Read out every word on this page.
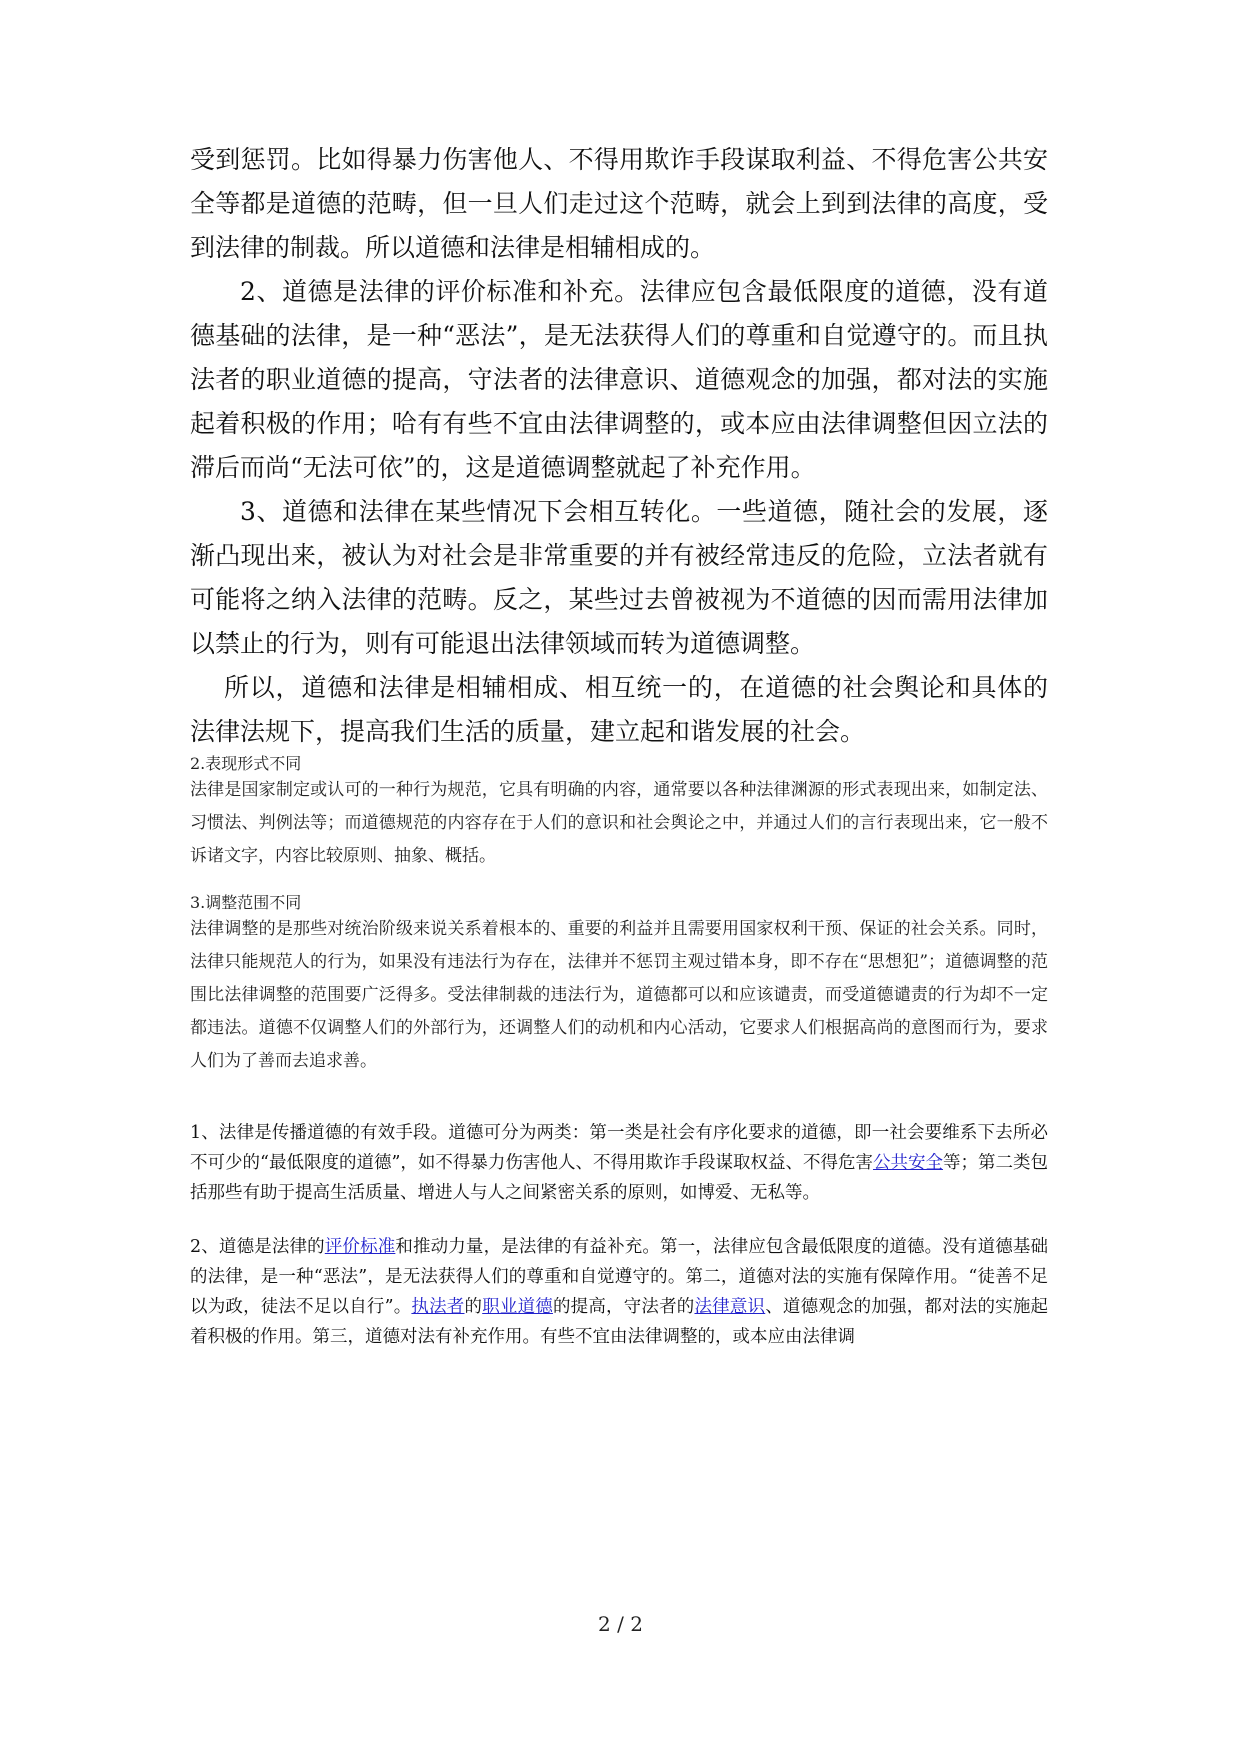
受到惩罚。比如得暴力伤害他人、不得用欺诈手段谋取利益、不得危害公共安全等都是道德的范畴，但一旦人们走过这个范畴，就会上到到法律的高度，受到法律的制裁。所以道德和法律是相辅相成的。

2、道德是法律的评价标准和补充。法律应包含最低限度的道德，没有道德基础的法律，是一种“恶法”，是无法获得人们的尊重和自觉遵守的。而且执法者的职业道德的提高，守法者的法律意识、道德观念的加强，都对法的实施起着积极的作用；哈有有些不宜由法律调整的，或本应由法律调整但因立法的滞后而尚“无法可依”的，这是道德调整就起了补充作用。

3、道德和法律在某些情况下会相互转化。一些道德，随社会的发展，逐渐凸现出来，被认为对社会是非常重要的并有被经常违反的危险，立法者就有可能将之纳入法律的范畴。反之，某些过去曾被视为不道德的因而需用法律加以禁止的行为，则有可能退出法律领域而转为道德调整。

所以，道德和法律是相辅相成、相互统一的，在道德的社会舆论和具体的法律法规下，提高我们生活的质量，建立起和谐发展的社会。

2.表现形式不同

法律是国家制定或认可的一种行为规范，它具有明确的内容，通常要以各种法律渊源的形式表现出来，如制定法、习惯法、判例法等；而道德规范的内容存在于人们的意识和社会舆论之中，并通过人们的言行表现出来，它一般不诉诸文字，内容比较原则、抽象、概括。

3.调整范围不同

法律调整的是那些对统治阶级来说关系着根本的、重要的利益并且需要用国家权利干预、保证的社会关系。同时，法律只能规范人的行为，如果没有违法行为存在，法律并不惩罚主观过错本身，即不存在“思想犯”；道德调整的范围比法律调整的范围要广泛得多。受法律制裁的违法行为，道德都可以和应该谴责，而受道德谴责的行为却不一定都违法。道德不仅调整人们的外部行为，还调整人们的动机和内心活动，它要求人们根据高尚的意图而行为，要求人们为了善而去追求善。

1、法律是传播道德的有效手段。道德可分为两类：第一类是社会有序化要求的道德，即一社会要维系下去所必不可少的“最低限度的道德”，如不得暴力伤害他人、不得用欺诈手段谋取权益、不得危害公共安全等；第二类包括那些有助于提高生活质量、增进人与人之间紧密关系的原则，如博爱、无私等。

2、道德是法律的评价标准和推动力量，是法律的有益补充。第一，法律应包含最低限度的道德。没有道德基础的法律，是一种“恶法”，是无法获得人们的尊重和自觉遵守的。第二，道德对法的实施有保障作用。“徒善不足以为政，徒法不足以自行”。执法者的职业道德的提高，守法者的法律意识、道德观念的加强，都对法的实施起着积极的作用。第三，道德对法有补充作用。有些不宜由法律调整的，或本应由法律调

2 / 2
